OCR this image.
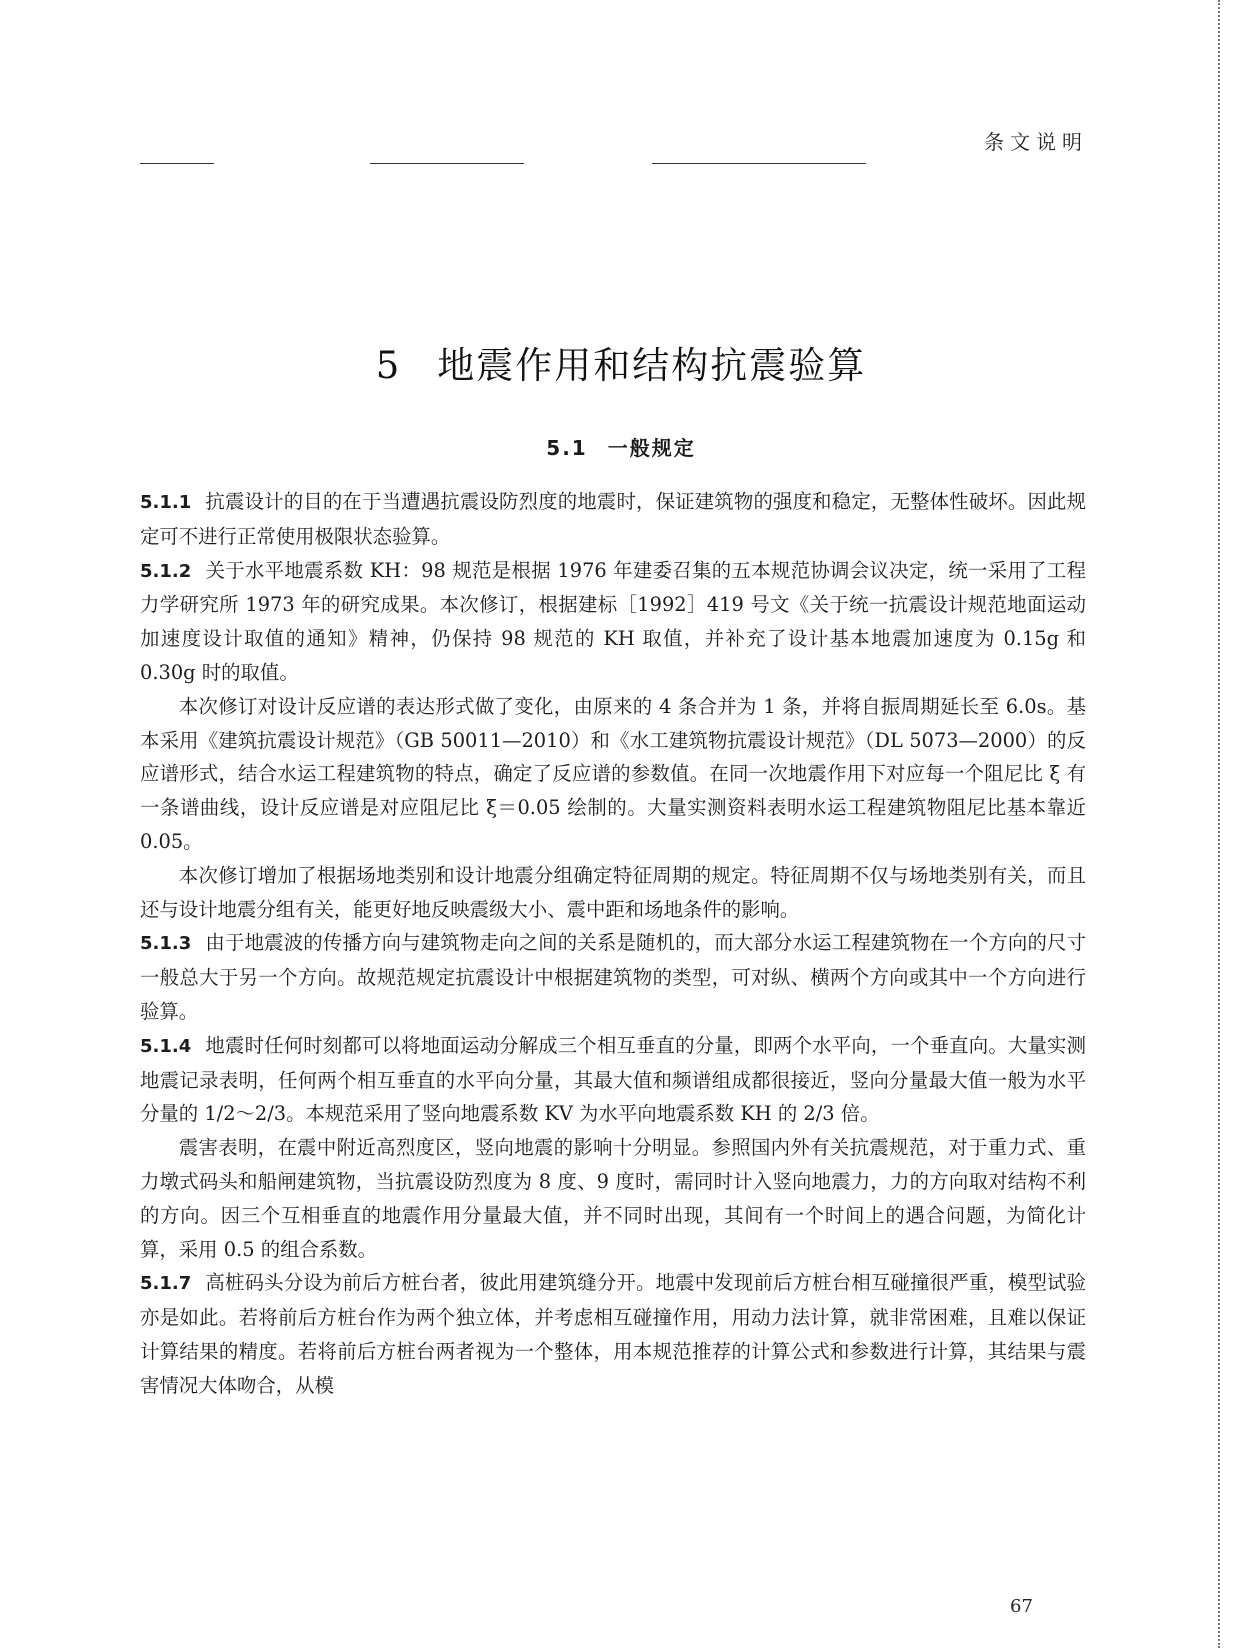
条文说明
5 地震作用和结构抗震验算
5.1 一般规定

5.1.1 抗震设计的目的在于当遭遇抗震设防烈度的地震时，保证建筑物的强度和稳定，无整体性破坏。因此规定可不进行正常使用极限状态验算。

5.1.2 关于水平地震系数 KH：98 规范是根据 1976 年建委召集的五本规范协调会议决定，统一采用了工程力学研究所 1973 年的研究成果。本次修订，根据建标［1992］419 号文《关于统一抗震设计规范地面运动加速度设计取值的通知》精神，仍保持 98 规范的 KH 取值，并补充了设计基本地震加速度为 0.15g 和 0.30g 时的取值。

本次修订对设计反应谱的表达形式做了变化，由原来的 4 条合并为 1 条，并将自振周期延长至 6.0s。基本采用《建筑抗震设计规范》（GB 50011—2010）和《水工建筑物抗震设计规范》（DL 5073—2000）的反应谱形式，结合水运工程建筑物的特点，确定了反应谱的参数值。在同一次地震作用下对应每一个阻尼比 ξ 有一条谱曲线，设计反应谱是对应阻尼比 ξ＝0.05 绘制的。大量实测资料表明水运工程建筑物阻尼比基本靠近 0.05。

本次修订增加了根据场地类别和设计地震分组确定特征周期的规定。特征周期不仅与场地类别有关，而且还与设计地震分组有关，能更好地反映震级大小、震中距和场地条件的影响。

5.1.3 由于地震波的传播方向与建筑物走向之间的关系是随机的，而大部分水运工程建筑物在一个方向的尺寸一般总大于另一个方向。故规范规定抗震设计中根据建筑物的类型，可对纵、横两个方向或其中一个方向进行验算。

5.1.4 地震时任何时刻都可以将地面运动分解成三个相互垂直的分量，即两个水平向，一个垂直向。大量实测地震记录表明，任何两个相互垂直的水平向分量，其最大值和频谱组成都很接近，竖向分量最大值一般为水平分量的 1/2～2/3。本规范采用了竖向地震系数 KV 为水平向地震系数 KH 的 2/3 倍。

震害表明，在震中附近高烈度区，竖向地震的影响十分明显。参照国内外有关抗震规范，对于重力式、重力墩式码头和船闸建筑物，当抗震设防烈度为 8 度、9 度时，需同时计入竖向地震力，力的方向取对结构不利的方向。因三个互相垂直的地震作用分量最大值，并不同时出现，其间有一个时间上的遇合问题，为简化计算，采用 0.5 的组合系数。

5.1.7 高桩码头分设为前后方桩台者，彼此用建筑缝分开。地震中发现前后方桩台相互碰撞很严重，模型试验亦是如此。若将前后方桩台作为两个独立体，并考虑相互碰撞作用，用动力法计算，就非常困难，且难以保证计算结果的精度。若将前后方桩台两者视为一个整体，用本规范推荐的计算公式和参数进行计算，其结果与震害情况大体吻合，从模

67
